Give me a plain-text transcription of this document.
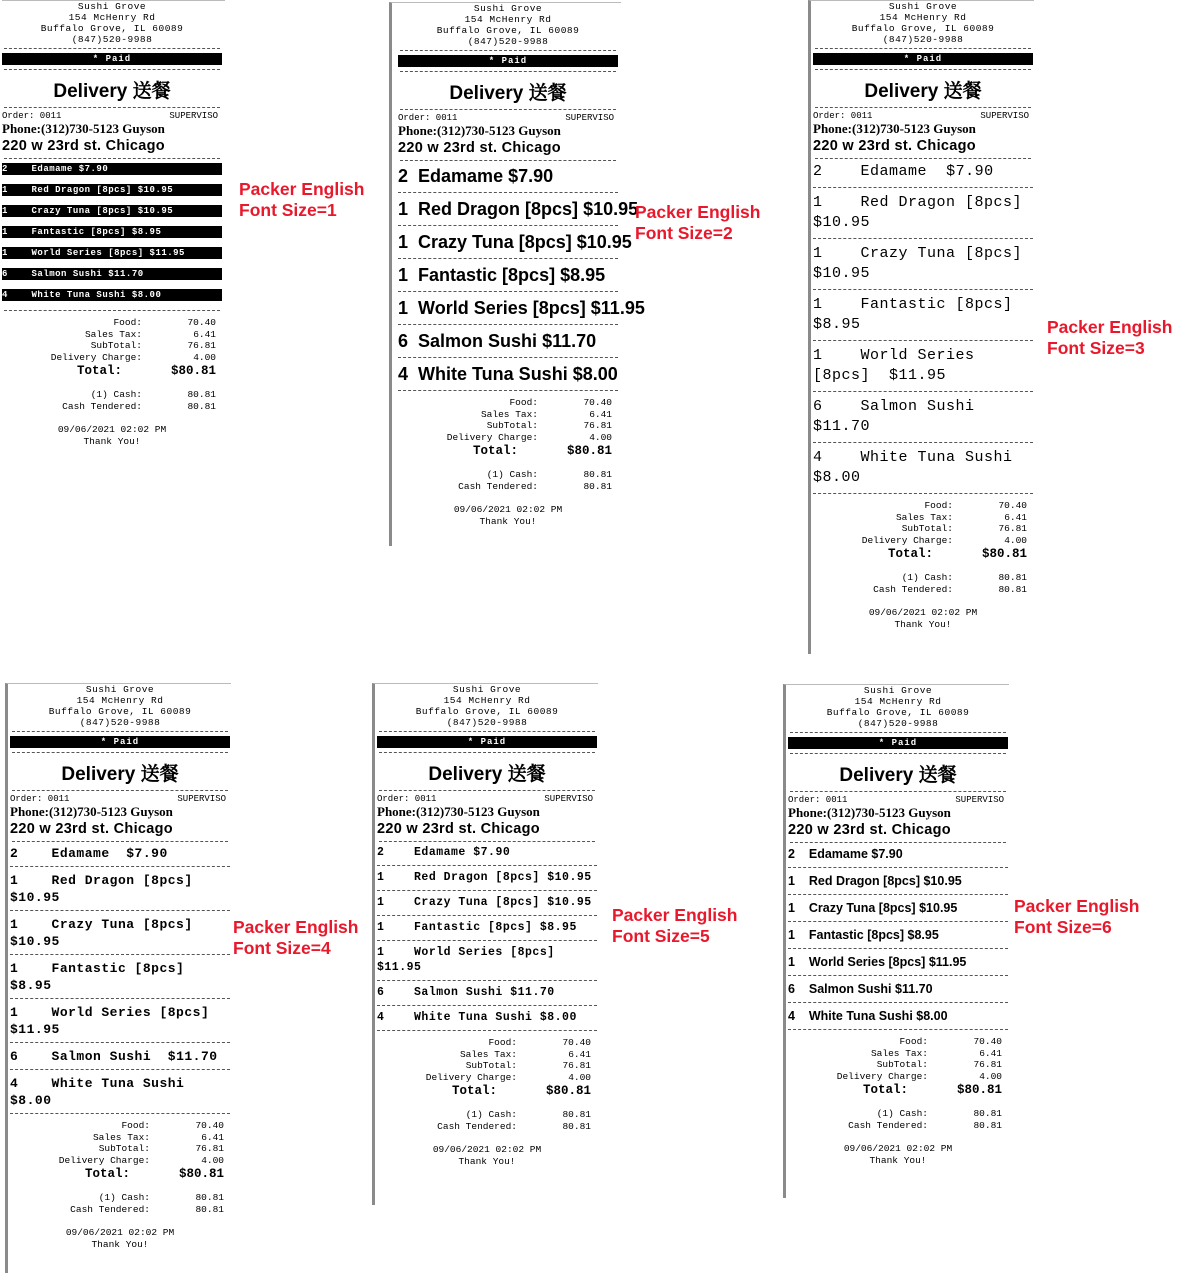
Sushi Grove
154 McHenry Rd
Buffalo Grove, IL 60089
(847)520-9988
* Paid
Delivery 送餐
Order: 0011	SUPERVISO
Phone:(312)730-5123 Guyson
220 w 23rd st. Chicago
2	Edamame $7.90
1	Red Dragon [8pcs] $10.95
1	Crazy Tuna [8pcs] $10.95
1	Fantastic [8pcs] $8.95
1	World Series [8pcs] $11.95
6	Salmon Sushi $11.70
4	White Tuna Sushi $8.00
Food:	70.40
Sales Tax:	6.41
SubTotal:	76.81
Delivery Charge:	4.00
Total:	$80.81
(1) Cash:	80.81
Cash Tendered:	80.81
09/06/2021 02:02 PM
Thank You!
Packer English
Font Size=1
Sushi Grove
154 McHenry Rd
Buffalo Grove, IL 60089
(847)520-9988
* Paid
Delivery 送餐
Order: 0011	SUPERVISO
Phone:(312)730-5123 Guyson
220 w 23rd st. Chicago
2 Edamame $7.90
1 Red Dragon [8pcs] $10.95
1 Crazy Tuna [8pcs] $10.95
1 Fantastic [8pcs] $8.95
1 World Series [8pcs] $11.95
6 Salmon Sushi $11.70
4 White Tuna Sushi $8.00
Food:	70.40
Sales Tax:	6.41
SubTotal:	76.81
Delivery Charge:	4.00
Total:	$80.81
(1) Cash:	80.81
Cash Tendered:	80.81
09/06/2021 02:02 PM
Thank You!
Packer English
Font Size=2
Sushi Grove
154 McHenry Rd
Buffalo Grove, IL 60089
(847)520-9988
* Paid
Delivery 送餐
Order: 0011	SUPERVISO
Phone:(312)730-5123 Guyson
220 w 23rd st. Chicago
2	Edamame $7.90
1	Red Dragon [8pcs]  $10.95
1	Crazy Tuna [8pcs]  $10.95
1	Fantastic [8pcs]  $8.95
1	World Series [8pcs] $11.95
6	Salmon Sushi  $11.70
4	White Tuna Sushi  $8.00
Food:	70.40
Sales Tax:	6.41
SubTotal:	76.81
Delivery Charge:	4.00
Total:	$80.81
(1) Cash:	80.81
Cash Tendered:	80.81
09/06/2021 02:02 PM
Thank You!
Packer English
Font Size=3
Sushi Grove
154 McHenry Rd
Buffalo Grove, IL 60089
(847)520-9988
* Paid
Delivery 送餐
Order: 0011	SUPERVISO
Phone:(312)730-5123 Guyson
220 w 23rd st. Chicago
2	Edamame $7.90
1	Red Dragon [8pcs]  $10.95
1	Crazy Tuna [8pcs]  $10.95
1	Fantastic [8pcs]  $8.95
1	World Series [8pcs]  $11.95
6	Salmon Sushi $11.70
4	White Tuna Sushi  $8.00
Food:	70.40
Sales Tax:	6.41
SubTotal:	76.81
Delivery Charge:	4.00
Total:	$80.81
(1) Cash:	80.81
Cash Tendered:	80.81
09/06/2021 02:02 PM
Thank You!
Packer English
Font Size=4
Sushi Grove
154 McHenry Rd
Buffalo Grove, IL 60089
(847)520-9988
* Paid
Delivery 送餐
Order: 0011	SUPERVISO
Phone:(312)730-5123 Guyson
220 w 23rd st. Chicago
2	Edamame $7.90
1	Red Dragon [8pcs] $10.95
1	Crazy Tuna [8pcs] $10.95
1	Fantastic [8pcs] $8.95
1	World Series [8pcs] $11.95
6	Salmon Sushi $11.70
4	White Tuna Sushi $8.00
Food:	70.40
Sales Tax:	6.41
SubTotal:	76.81
Delivery Charge:	4.00
Total:	$80.81
(1) Cash:	80.81
Cash Tendered:	80.81
09/06/2021 02:02 PM
Thank You!
Packer English
Font Size=5
Sushi Grove
154 McHenry Rd
Buffalo Grove, IL 60089
(847)520-9988
* Paid
Delivery 送餐
Order: 0011	SUPERVISO
Phone:(312)730-5123 Guyson
220 w 23rd st. Chicago
2 Edamame $7.90
1 Red Dragon [8pcs] $10.95
1 Crazy Tuna [8pcs] $10.95
1 Fantastic [8pcs] $8.95
1 World Series [8pcs] $11.95
6 Salmon Sushi $11.70
4 White Tuna Sushi $8.00
Food:	70.40
Sales Tax:	6.41
SubTotal:	76.81
Delivery Charge:	4.00
Total:	$80.81
(1) Cash:	80.81
Cash Tendered:	80.81
09/06/2021 02:02 PM
Thank You!
Packer English
Font Size=6
